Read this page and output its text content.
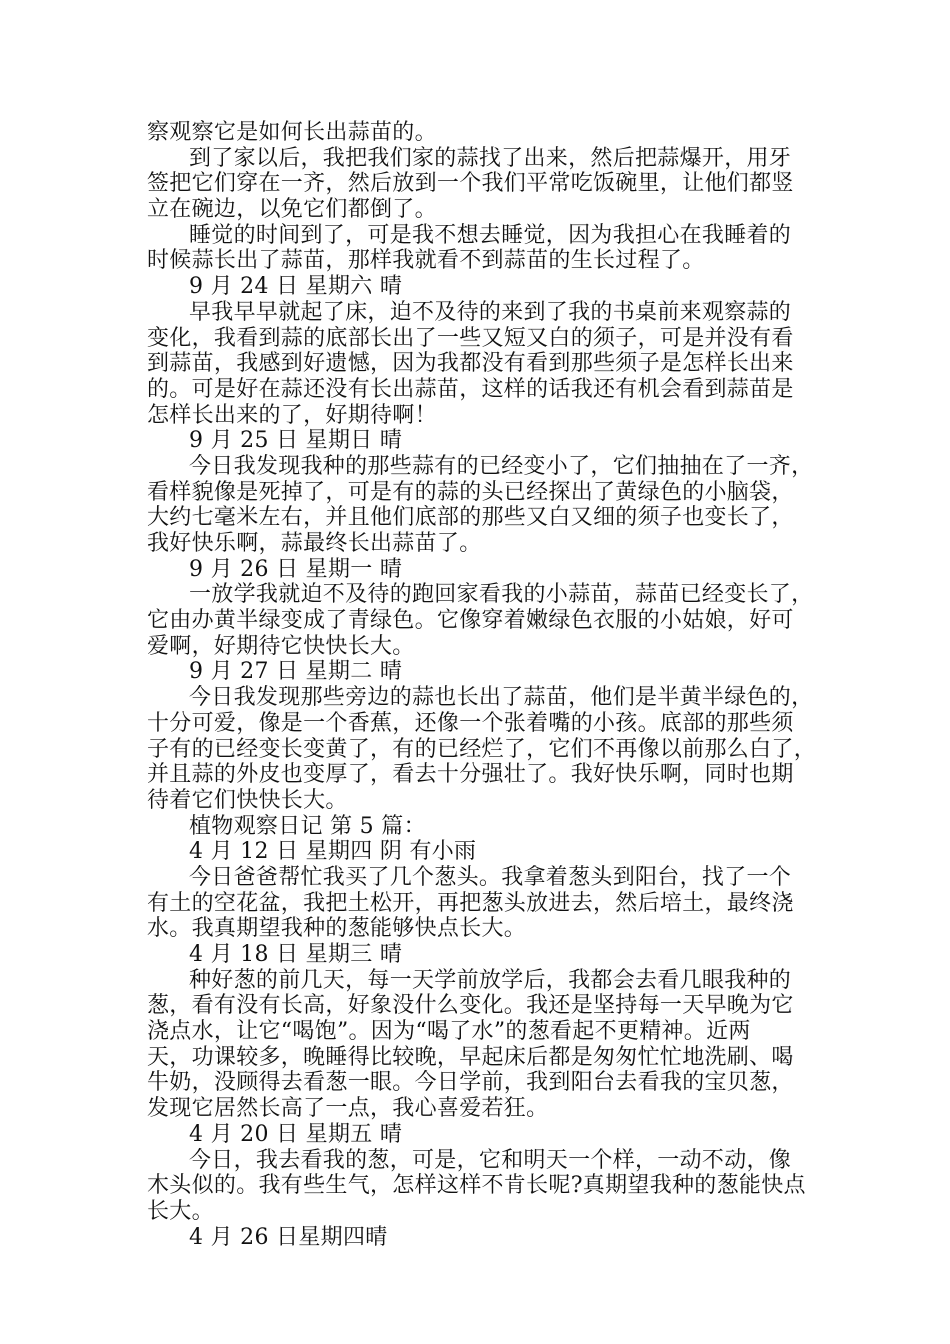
察观察它是如何长出蒜苗的。
到了家以后，我把我们家的蒜找了出来，然后把蒜爆开，用牙
签把它们穿在一齐，然后放到一个我们平常吃饭碗里，让他们都竖
立在碗边，以免它们都倒了。
睡觉的时间到了，可是我不想去睡觉，因为我担心在我睡着的
时候蒜长出了蒜苗，那样我就看不到蒜苗的生长过程了。
9 月 24 日 星期六 晴
早我早早就起了床，迫不及待的来到了我的书桌前来观察蒜的
变化，我看到蒜的底部长出了一些又短又白的须子，可是并没有看
到蒜苗，我感到好遗憾，因为我都没有看到那些须子是怎样长出来
的。可是好在蒜还没有长出蒜苗，这样的话我还有机会看到蒜苗是
怎样长出来的了，好期待啊！
9 月 25 日 星期日 晴
今日我发现我种的那些蒜有的已经变小了，它们抽抽在了一齐，
看样貌像是死掉了，可是有的蒜的头已经探出了黄绿色的小脑袋，
大约七毫米左右，并且他们底部的那些又白又细的须子也变长了，
我好快乐啊，蒜最终长出蒜苗了。
9 月 26 日 星期一 晴
一放学我就迫不及待的跑回家看我的小蒜苗，蒜苗已经变长了，
它由办黄半绿变成了青绿色。它像穿着嫩绿色衣服的小姑娘，好可
爱啊，好期待它快快长大。
9 月 27 日 星期二 晴
今日我发现那些旁边的蒜也长出了蒜苗，他们是半黄半绿色的，
十分可爱，像是一个香蕉，还像一个张着嘴的小孩。底部的那些须
子有的已经变长变黄了，有的已经烂了，它们不再像以前那么白了，
并且蒜的外皮也变厚了，看去十分强壮了。我好快乐啊，同时也期
待着它们快快长大。
植物观察日记 第 5 篇：
4 月 12 日 星期四 阴 有小雨
今日爸爸帮忙我买了几个葱头。我拿着葱头到阳台，找了一个
有土的空花盆，我把土松开，再把葱头放进去，然后培土，最终浇
水。我真期望我种的葱能够快点长大。
4 月 18 日 星期三 晴
种好葱的前几天，每一天学前放学后，我都会去看几眼我种的
葱，看有没有长高，好象没什么变化。我还是坚持每一天早晚为它
浇点水，让它“喝饱”。因为“喝了水”的葱看起不更精神。近两
天，功课较多，晚睡得比较晚，早起床后都是匆匆忙忙地洗刷、喝
牛奶，没顾得去看葱一眼。今日学前，我到阳台去看我的宝贝葱，
发现它居然长高了一点，我心喜爱若狂。
4 月 20 日 星期五 晴
今日，我去看我的葱，可是，它和明天一个样，一动不动，像
木头似的。我有些生气，怎样这样不肯长呢?真期望我种的葱能快点
长大。
4 月 26 日星期四晴
